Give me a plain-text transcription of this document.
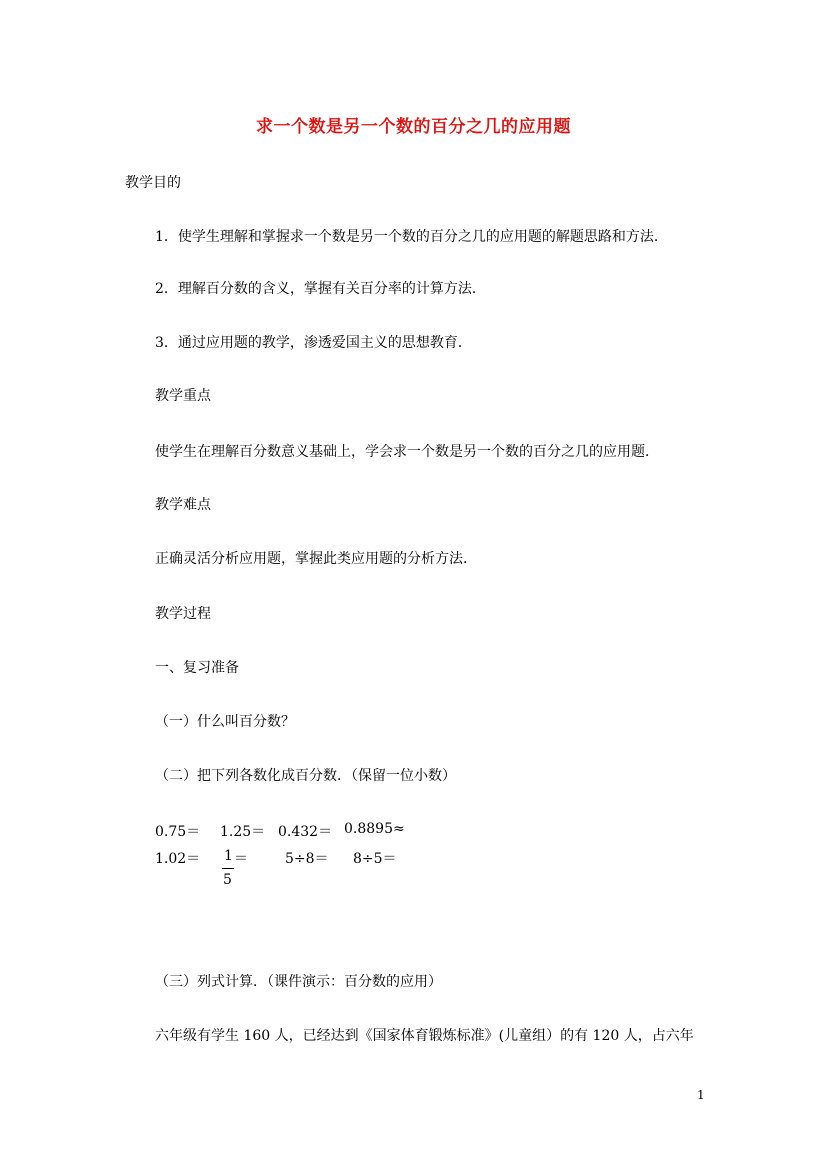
求一个数是另一个数的百分之几的应用题
教学目的
1．使学生理解和掌握求一个数是另一个数的百分之几的应用题的解题思路和方法．
2．理解百分数的含义，掌握有关百分率的计算方法．
3．通过应用题的教学，渗透爱国主义的思想教育．
教学重点
使学生在理解百分数意义基础上，学会求一个数是另一个数的百分之几的应用题．
教学难点
正确灵活分析应用题，掌握此类应用题的分析方法．
教学过程
一、复习准备
（一）什么叫百分数？
（二）把下列各数化成百分数．（保留一位小数）
0.75＝ 1.25＝ 0.432＝ 0.8895≈
1.02＝ 1
5
＝	5÷8＝ 8÷5＝
（三）列式计算．（课件演示：百分数的应用）
六年级有学生 160 人，已经达到《国家体育锻炼标准》(儿童组）的有 120 人，占六年
1
